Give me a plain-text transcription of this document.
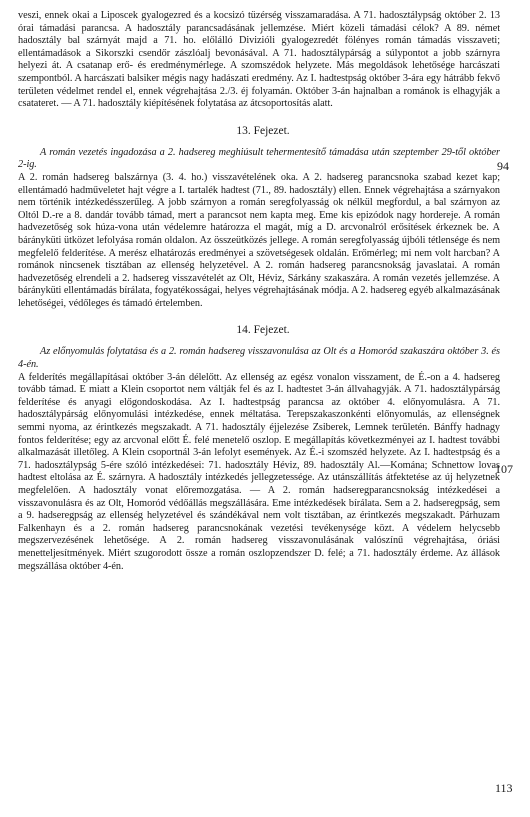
veszi, ennek okai a Liposcek gyalogezred és a kocsizó tüzérség visszamaradása. A 71. hadosztálypság október 2. 13 órai támadási parancsa. A hadosztály parancsadásának jellemzése. Miért közeli támadási célok? A 89. német hadosztály bal szárnyát majd a 71. ho. előlálló Divizióli gyalogezredét fölényes román támadás visszaveti; ellentámadások a Sikorszki csendőr zászlóalj bevonásával. A 71. hadosztálypárság a súlypontot a jobb szárnyra helyezi át. A csatanap erő- és eredménymérlege. A szomszédok helyzete. Más megoldások lehetősége harcászati szempontból. A harcászati balsiker mégis nagy hadászati eredmény. Az I. hadtestpság október 3-ára egy hátrább fekvő területen védelmet rendel el, ennek végrehajtása 2./3. éj folyamán. Október 3-án hajnalban a románok is elhagyják a csatateret. — A 71. hadosztály kiépítésének folytatása az átcsoportosítás alatt.

94

13. Fejezet.

A román vezetés ingadozása a 2. hadsereg meghiúsult tehermentesítő támadása után szeptember 29-től október 2-ig.

A 2. román hadsereg balszárnya (3. 4. ho.) visszavételének oka. A 2. hadsereg parancsnoka szabad kezet kap; ellentámadó hadműveletet hajt végre a I. tartalék hadtest (71., 89. hadosztály) ellen. Ennek végrehajtása a szárnyakon nem történik intézkedésszerűleg. A jobb szárnyon a román seregfolyasság ok nélkül megfordul, a bal szárnyon az Oltól D.-re a 8. dandár tovább támad, mert a parancsot nem kapta meg. Eme kis epizódok nagy horderejе. A román hadvezetőség sok húza-vona után védelemre határozza el magát, míg a D. arcvonalról erősítések érkeznek be. A bárányküti ütközet lefolyása román oldalon. Az összeütközés jellege. A román seregfolyasság újbóli tétlensége és nem megfelelő felderítése. A merész elhatározás eredményei a szövetségesek oldalán. Erőmérleg; mi nem volt harcban? A románok nincsenek tisztában az ellenség helyzetével. A 2. román hadsereg parancsnokság javaslatai. A román hadvezetőség elrendeli a 2. hadsereg visszavételét az Olt, Héviz, Sárkány szakaszára. A román vezetés jellemzése. A bárányküti ellentámadás bírálata, fogyatékosságai, helyes végrehajtásának módja. A 2. hadsereg egyéb alkalmazásának lehetőségei, védőleges és támadó értelemben.

107

14. Fejezet.

Az előnyomulás folytatása és a 2. román hadsereg visszavonulása az Olt és a Homoród szakaszára október 3. és 4-én.

A felderítés megállapításai október 3-án délelőtt. Az ellenség az egész vonalon visszament, de É.-on a 4. hadsereg tovább támad. E miatt a Klein csoportot nem váltják fel és az I. hadtestet 3-án állvahagyják. A 71. hadosztálypárság felderítése és anyagi előgondoskodása. Az I. hadtestpság parancsa az október 4. előnyomulásra. A 71. hadosztálypárság előnyomulási intézkedése, ennek méltatása. Terepszakaszonkénti előnyomulás, az ellenségnek semmi nyoma, az érintkezés megszakadt. A 71. hadosztály éjjelezése Zsiberek, Lemnek területén. Bánffy hadnagy fontos felderítése; egy az arcvonal előtt É. felé menetelő oszlop. E megállapítás következményei az I. hadtest további alkalmazását illetőleg. A Klein csoportnál 3-án lefolyt események. Az É.-i szomszéd helyzete. Az I. hadtestpság és a 71. hadosztálypság 5-ére szóló intézkedései: 71. hadosztály Héviz, 89. hadosztály Al.—Komána; Schnettow lovas hadtest eltolása az É. szárnyra. A hadosztály intézkedés jellegzetessége. Az utánszállítás átfektetése az új helyzetnek megfelelően. A hadosztály vonat előremozgatása. — A 2. román hadseregparancsnokság intézkedései a visszavonulásra és az Olt, Homoród védőállás megszállására. Eme intézkedések bírálata. Sem a 2. hadseregpság, sem a 9. hadseregpság az ellenség helyzetével és szándékával nem volt tisztában, az érintkezés megszakadt. Párhuzam Falkenhayn és a 2. román hadsereg parancsnokának vezetési tevékenysége közt. A védelem helycsebb megszervezésének lehetősége. A 2. román hadsereg visszavonulásának valószínű végrehajtása, óriási menetteljesítmények. Miért szugorodott össze a román oszlopzendszer D. felé; a 71. hadosztály érdeme. Az állások megszállása október 4-én.

113
